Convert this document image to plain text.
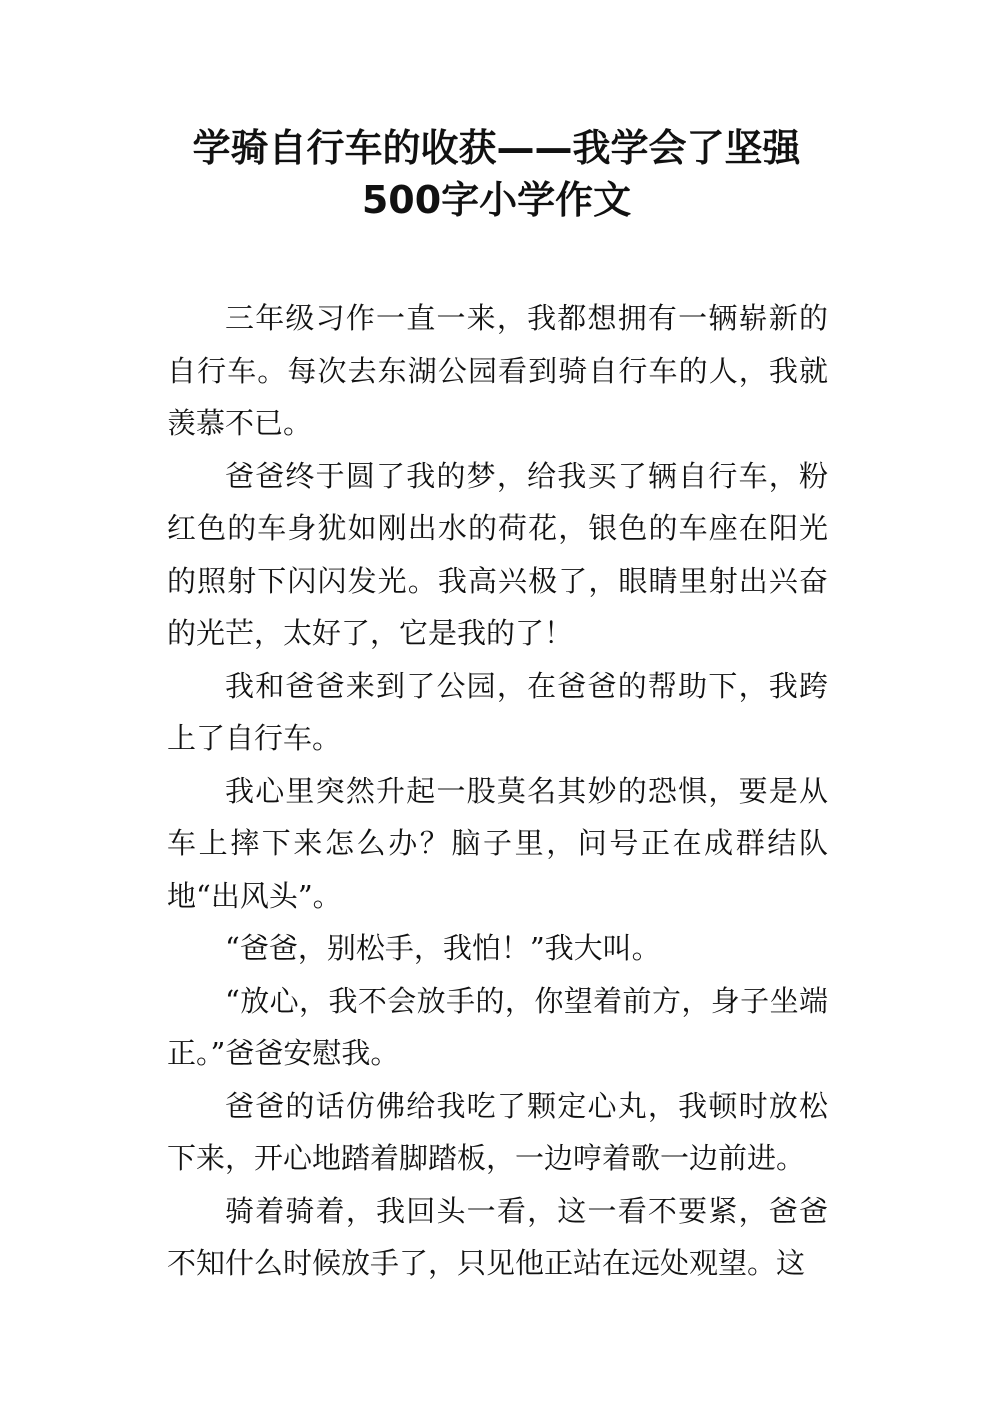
学骑自行车的收获——我学会了坚强
500字小学作文

三年级习作一直一来，我都想拥有一辆崭新的自行车。每次去东湖公园看到骑自行车的人，我就羡慕不已。

爸爸终于圆了我的梦，给我买了辆自行车，粉红色的车身犹如刚出水的荷花，银色的车座在阳光的照射下闪闪发光。我高兴极了，眼睛里射出兴奋的光芒，太好了，它是我的了！

我和爸爸来到了公园，在爸爸的帮助下，我跨上了自行车。

我心里突然升起一股莫名其妙的恐惧，要是从车上摔下来怎么办？脑子里，问号正在成群结队地“出风头”。

“爸爸，别松手，我怕！”我大叫。

“放心，我不会放手的，你望着前方，身子坐端正。”爸爸安慰我。

爸爸的话仿佛给我吃了颗定心丸，我顿时放松下来，开心地踏着脚踏板，一边哼着歌一边前进。

骑着骑着，我回头一看，这一看不要紧，爸爸不知什么时候放手了，只见他正站在远处观望。这
